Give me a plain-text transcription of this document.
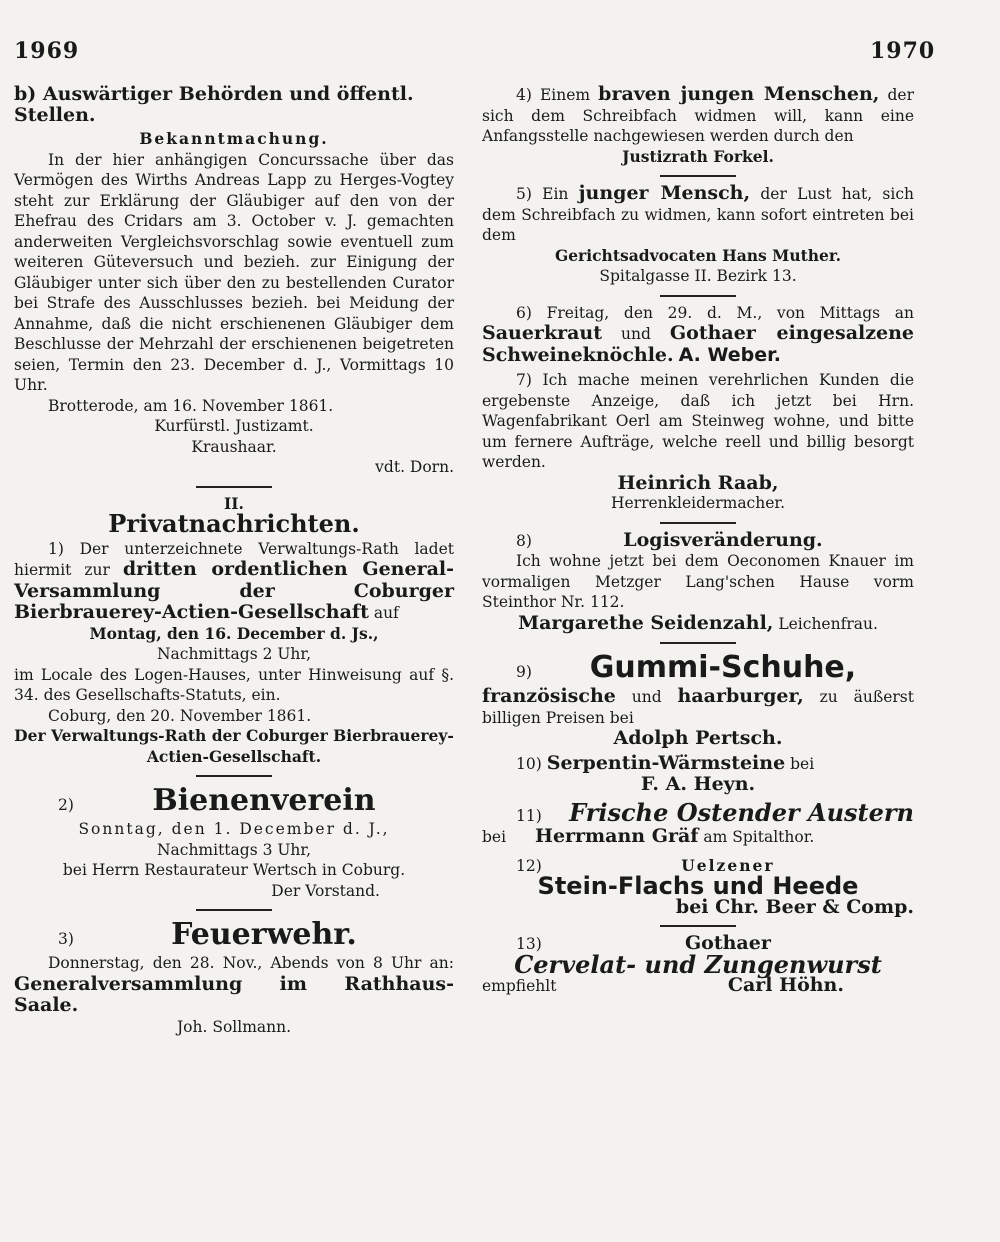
1969	1970

b) Auswärtiger Behörden und öffentl. Stellen.

Bekanntmachung.

In der hier anhängigen Concurssache über das Vermögen des Wirths Andreas Lapp zu Herges-Vogtey steht zur Erklärung der Gläubiger auf den von der Ehefrau des Cridars am 3. October v. J. gemachten anderweiten Vergleichsvorschlag sowie eventuell zum weiteren Güteversuch und bezieh. zur Einigung der Gläubiger unter sich über den zu bestellenden Curator bei Strafe des Ausschlusses bezieh. bei Meidung der Annahme, daß die nicht erschienenen Gläubiger dem Beschlusse der Mehrzahl der erschienenen beigetreten seien, Termin den 23. December d. J., Vormittags 10 Uhr.

Brotterode, am 16. November 1861.

Kurfürstl. Justizamt.

Kraushaar.

vdt. Dorn.

II.

Privatnachrichten.

1) Der unterzeichnete Verwaltungs-Rath ladet hiermit zur dritten ordentlichen General-Versammlung der Coburger Bierbrauerey-Actien-Gesellschaft auf

Montag, den 16. December d. Js.,

Nachmittags 2 Uhr,

im Locale des Logen-Hauses, unter Hinweisung auf §. 34. des Gesellschafts-Statuts, ein.

Coburg, den 20. November 1861.

Der Verwaltungs-Rath der Coburger Bierbrauerey-Actien-Gesellschaft.

2)	Bienenverein

Sonntag, den 1. December d. J.,

Nachmittags 3 Uhr,

bei Herrn Restaurateur Wertsch in Coburg.

Der Vorstand.

3)	Feuerwehr.

Donnerstag, den 28. Nov., Abends von 8 Uhr an: Generalversammlung im Rathhaus-Saale.

Joh. Sollmann.

4) Einem braven jungen Menschen, der sich dem Schreibfach widmen will, kann eine Anfangsstelle nachgewiesen werden durch den

Justizrath Forkel.

5) Ein junger Mensch, der Lust hat, sich dem Schreibfach zu widmen, kann sofort eintreten bei dem

Gerichtsadvocaten Hans Muther.

Spitalgasse II. Bezirk 13.

6) Freitag, den 29. d. M., von Mittags an Sauerkraut und Gothaer eingesalzene Schweineknöchle. A. Weber.

7) Ich mache meinen verehrlichen Kunden die ergebenste Anzeige, daß ich jetzt bei Hrn. Wagenfabrikant Oerl am Steinweg wohne, und bitte um fernere Aufträge, welche reell und billig besorgt werden.

Heinrich Raab,

Herrenkleidermacher.

8)	Logisveränderung.

Ich wohne jetzt bei dem Oeconomen Knauer im vormaligen Metzger Lang'schen Hause vorm Steinthor Nr. 112.

Margarethe Seidenzahl, Leichenfrau.

9)	Gummi-Schuhe,

französische und haarburger, zu äußerst billigen Preisen bei

Adolph Pertsch.

10) Serpentin-Wärmsteine bei

F. A. Heyn.

11)	Frische Ostender Austern

bei Herrmann Gräf am Spitalthor.

12)	Uelzener

Stein-Flachs und Heede

bei Chr. Beer & Comp.

13)	Gothaer

Cervelat- und Zungenwurst

empfiehlt	Carl Höhn.
